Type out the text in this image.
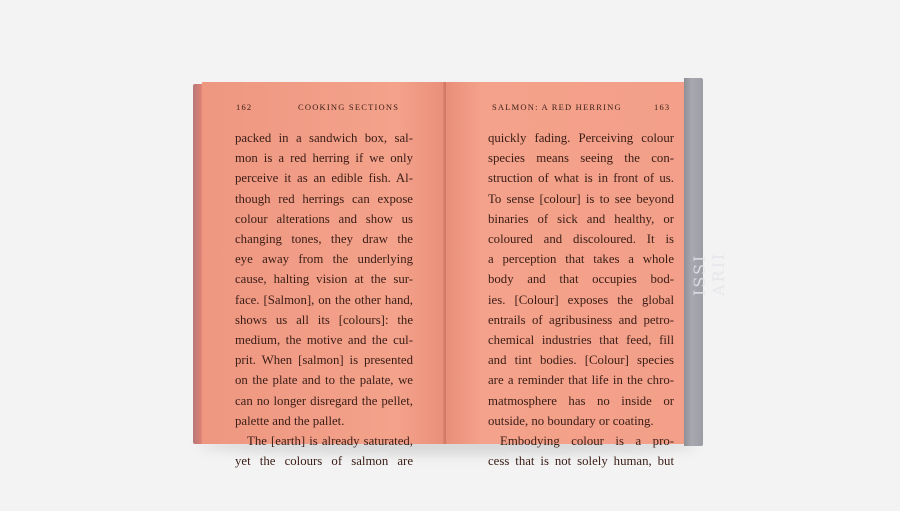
162	COOKING SECTIONS
packed in a sandwich box, sal-
mon is a red herring if we only
perceive it as an edible fish. Al-
though red herrings can expose
colour alterations and show us
changing tones, they draw the
eye away from the underlying
cause, halting vision at the sur-
face. [Salmon], on the other hand,
shows us all its [colours]: the
medium, the motive and the cul-
prit. When [salmon] is presented
on the plate and to the palate, we
can no longer disregard the pellet,
palette and the pallet.
The [earth] is already saturated,
yet the colours of salmon are
SALMON: A RED HERRING	163
quickly fading. Perceiving colour
species means seeing the con-
struction of what is in front of us.
To sense [colour] is to see beyond
binaries of sick and healthy, or
coloured and discoloured. It is
a perception that takes a whole
body and that occupies bod-
ies. [Colour] exposes the global
entrails of agribusiness and petro-
chemical industries that feed, fill
and tint bodies. [Colour] species
are a reminder that life in the chro-
matmosphere has no inside or
outside, no boundary or coating.
Embodying colour is a pro-
cess that is not solely human, but
ISSI ARII
